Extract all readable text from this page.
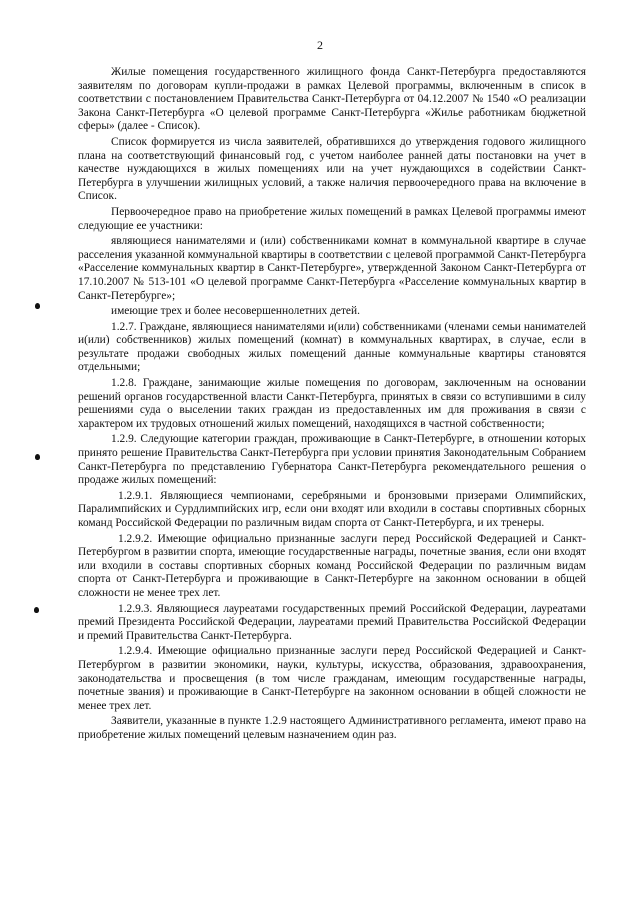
2

Жилые помещения государственного жилищного фонда Санкт-Петербурга предоставляются заявителям по договорам купли-продажи в рамках Целевой программы, включенным в список в соответствии с постановлением Правительства Санкт-Петербурга от 04.12.2007 № 1540 «О реализации Закона Санкт-Петербурга «О целевой программе Санкт-Петербурга «Жилье работникам бюджетной сферы» (далее - Список).

Список формируется из числа заявителей, обратившихся до утверждения годового жилищного плана на соответствующий финансовый год, с учетом наиболее ранней даты постановки на учет в качестве нуждающихся в жилых помещениях или на учет нуждающихся в содействии Санкт-Петербурга в улучшении жилищных условий, а также наличия первоочередного права на включение в Список.

Первоочередное право на приобретение жилых помещений в рамках Целевой программы имеют следующие ее участники:

являющиеся нанимателями и (или) собственниками комнат в коммунальной квартире в случае расселения указанной коммунальной квартиры в соответствии с целевой программой Санкт-Петербурга «Расселение коммунальных квартир в Санкт-Петербурге», утвержденной Законом Санкт-Петербурга от 17.10.2007 № 513-101 «О целевой программе Санкт-Петербурга «Расселение коммунальных квартир в Санкт-Петербурге»;

имеющие трех и более несовершеннолетних детей.

1.2.7. Граждане, являющиеся нанимателями и(или) собственниками (членами семьи нанимателей и(или) собственников) жилых помещений (комнат) в коммунальных квартирах, в случае, если в результате продажи свободных жилых помещений данные коммунальные квартиры становятся отдельными;

1.2.8. Граждане, занимающие жилые помещения по договорам, заключенным на основании решений органов государственной власти Санкт-Петербурга, принятых в связи со вступившими в силу решениями суда о выселении таких граждан из предоставленных им для проживания в связи с характером их трудовых отношений жилых помещений, находящихся в частной собственности;

1.2.9. Следующие категории граждан, проживающие в Санкт-Петербурге, в отношении которых принято решение Правительства Санкт-Петербурга при условии принятия Законодательным Собранием Санкт-Петербурга по представлению Губернатора Санкт-Петербурга рекомендательного решения о продаже жилых помещений:

1.2.9.1. Являющиеся чемпионами, серебряными и бронзовыми призерами Олимпийских, Паралимпийских и Сурдлимпийских игр, если они входят или входили в составы спортивных сборных команд Российской Федерации по различным видам спорта от Санкт-Петербурга, и их тренеры.

1.2.9.2. Имеющие официально признанные заслуги перед Российской Федерацией и Санкт-Петербургом в развитии спорта, имеющие государственные награды, почетные звания, если они входят или входили в составы спортивных сборных команд Российской Федерации по различным видам спорта от Санкт-Петербурга и проживающие в Санкт-Петербурге на законном основании в общей сложности не менее трех лет.

1.2.9.3. Являющиеся лауреатами государственных премий Российской Федерации, лауреатами премий Президента Российской Федерации, лауреатами премий Правительства Российской Федерации и премий Правительства Санкт-Петербурга.

1.2.9.4. Имеющие официально признанные заслуги перед Российской Федерацией и Санкт-Петербургом в развитии экономики, науки, культуры, искусства, образования, здравоохранения, законодательства и просвещения (в том числе гражданам, имеющим государственные награды, почетные звания) и проживающие в Санкт-Петербурге на законном основании в общей сложности не менее трех лет.

Заявители, указанные в пункте 1.2.9 настоящего Административного регламента, имеют право на приобретение жилых помещений целевым назначением один раз.
